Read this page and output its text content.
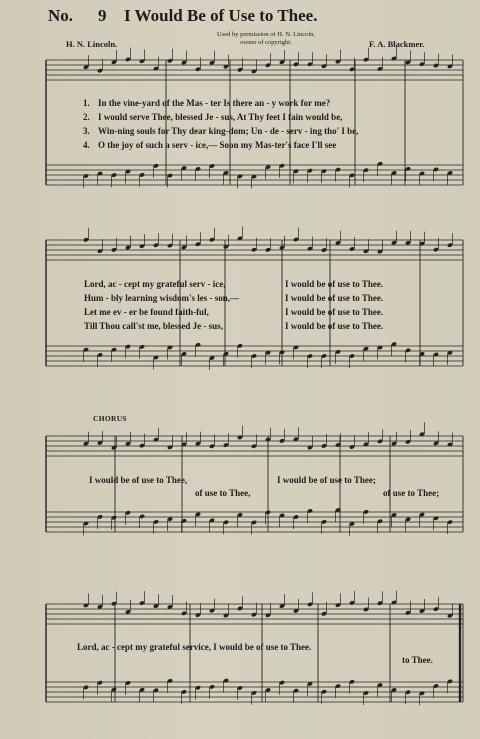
No. 9 I Would Be of Use to Thee.
Used by permission of H. N. Lincoln,
owner of copyright.
H. N. Lincoln.	F. A. Blackmer.
1. In the vine-yard of the Mas - ter Is there an - y work for me?
2. I would serve Thee, blessed Je - sus, At Thy feet I fain would be,
3. Win-ning souls for Thy dear king-dom; Un - de - serv - ing tho' I be,
4. O the joy of such a serv - ice,— Soon my Mas-ter's face I'll see
Lord, ac - cept my grateful serv - ice,	I would be of use to Thee.
Hum - bly learning wisdom's les - son,—	I would be of use to Thee.
Let me ev - er be found faith-ful,	I would be of use to Thee.
Till Thou call'st me, blessed Je - sus,	I would be of use to Thee.
CHORUS
I would be of use to Thee,	I would be of use to Thee;
of use to Thee,	of use to Thee;
Lord, ac - cept my grateful service, I would be of use to Thee.
to Thee.
